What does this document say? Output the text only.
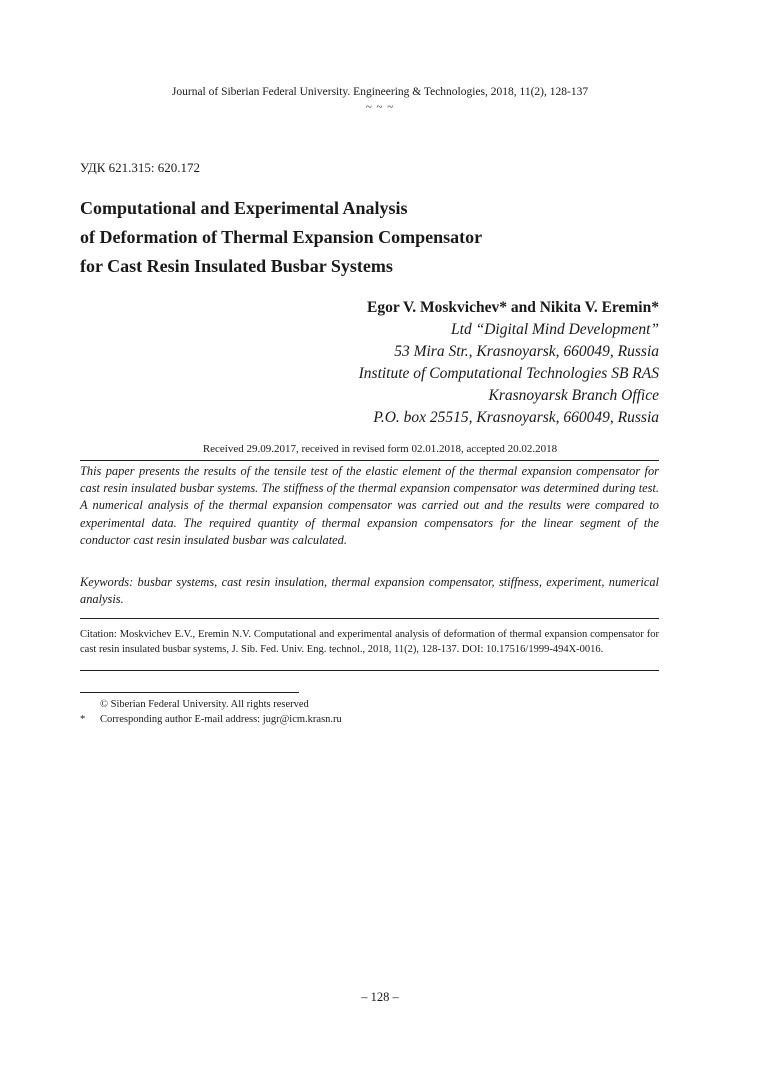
Journal of Siberian Federal University. Engineering & Technologies, 2018, 11(2), 128-137
~ ~ ~
УДК 621.315: 620.172
Computational and Experimental Analysis
of Deformation of Thermal Expansion Compensator
for Cast Resin Insulated Busbar Systems
Egor V. Moskvichev* and Nikita V. Eremin*
Ltd “Digital Mind Development”
53 Mira Str., Krasnoyarsk, 660049, Russia
Institute of Computational Technologies SB RAS
Krasnoyarsk Branch Office
P.O. box 25515, Krasnoyarsk, 660049, Russia
Received 29.09.2017, received in revised form 02.01.2018, accepted 20.02.2018
This paper presents the results of the tensile test of the elastic element of the thermal expansion compensator for cast resin insulated busbar systems. The stiffness of the thermal expansion compensator was determined during test. A numerical analysis of the thermal expansion compensator was carried out and the results were compared to experimental data. The required quantity of thermal expansion compensators for the linear segment of the conductor cast resin insulated busbar was calculated.
Keywords: busbar systems, cast resin insulation, thermal expansion compensator, stiffness, experiment, numerical analysis.
Citation: Moskvichev E.V., Eremin N.V. Computational and experimental analysis of deformation of thermal expansion compensator for cast resin insulated busbar systems, J. Sib. Fed. Univ. Eng. technol., 2018, 11(2), 128-137. DOI: 10.17516/1999-494X-0016.
© Siberian Federal University. All rights reserved
* Corresponding author E-mail address: jugr@icm.krasn.ru
– 128 –
